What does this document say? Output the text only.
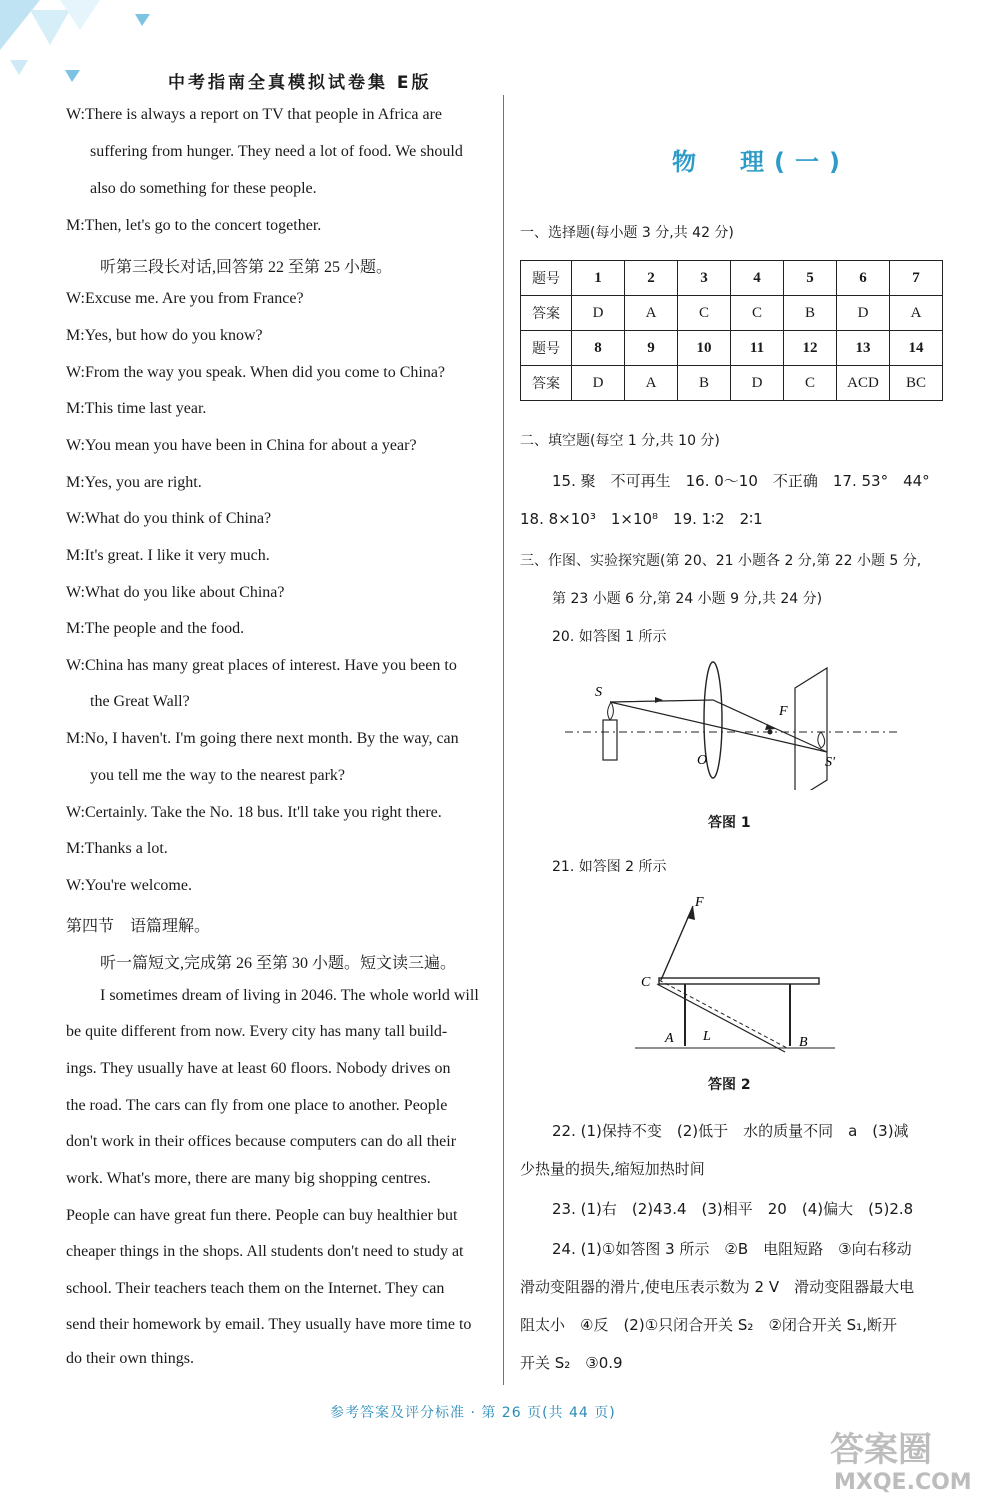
中考指南全真模拟试卷集 E版
W:There is always a report on TV that people in Africa are
suffering from hunger. They need a lot of food. We should
also do something for these people.
M:Then, let's go to the concert together.
听第三段长对话,回答第 22 至第 25 小题。
W:Excuse me. Are you from France?
M:Yes, but how do you know?
W:From the way you speak. When did you come to China?
M:This time last year.
W:You mean you have been in China for about a year?
M:Yes, you are right.
W:What do you think of China?
M:It's great. I like it very much.
W:What do you like about China?
M:The people and the food.
W:China has many great places of interest. Have you been to
the Great Wall?
M:No, I haven't. I'm going there next month. By the way, can
you tell me the way to the nearest park?
W:Certainly. Take the No. 18 bus. It'll take you right there.
M:Thanks a lot.
W:You're welcome.
第四节　语篇理解。
听一篇短文,完成第 26 至第 30 小题。短文读三遍。
I sometimes dream of living in 2046. The whole world will
be quite different from now. Every city has many tall build-
ings. They usually have at least 60 floors. Nobody drives on
the road. The cars can fly from one place to another. People
don't work in their offices because computers can do all their
work. What's more, there are many big shopping centres.
People can have great fun there. People can buy healthier but
cheaper things in the shops. All students don't need to study at
school. Their teachers teach them on the Internet. They can
send their homework by email. They usually have more time to
do their own things.
物　理(一)
一、选择题(每小题 3 分,共 42 分)
题号	1	2	3	4	5	6	7
答案	D	A	C	C	B	D	A
题号	8	9	10	11	12	13	14
答案	D	A	B	D	C	ACD	BC
二、填空题(每空 1 分,共 10 分)
15. 聚　不可再生　16. 0～10　不正确　17. 53°　44°
18. 8×10³　1×10⁸　19. 1∶2　2∶1
三、作图、实验探究题(第 20、21 小题各 2 分,第 22 小题 5 分,
第 23 小题 6 分,第 24 小题 9 分,共 24 分)
20. 如答图 1 所示
S
F
O	S'
答图 1
21. 如答图 2 所示
F
C
A L	B
答图 2
22. (1)保持不变　(2)低于　水的质量不同　a　(3)减
少热量的损失,缩短加热时间
23. (1)右　(2)43.4　(3)相平　20　(4)偏大　(5)2.8
24. (1)①如答图 3 所示　②B　电阻短路　③向右移动
滑动变阻器的滑片,使电压表示数为 2 V　滑动变阻器最大电
阻太小　④反　(2)①只闭合开关 S₂　②闭合开关 S₁,断开
开关 S₂　③0.9
参考答案及评分标准 · 第 26 页(共 44 页)
答案圈
MXQE.COM
